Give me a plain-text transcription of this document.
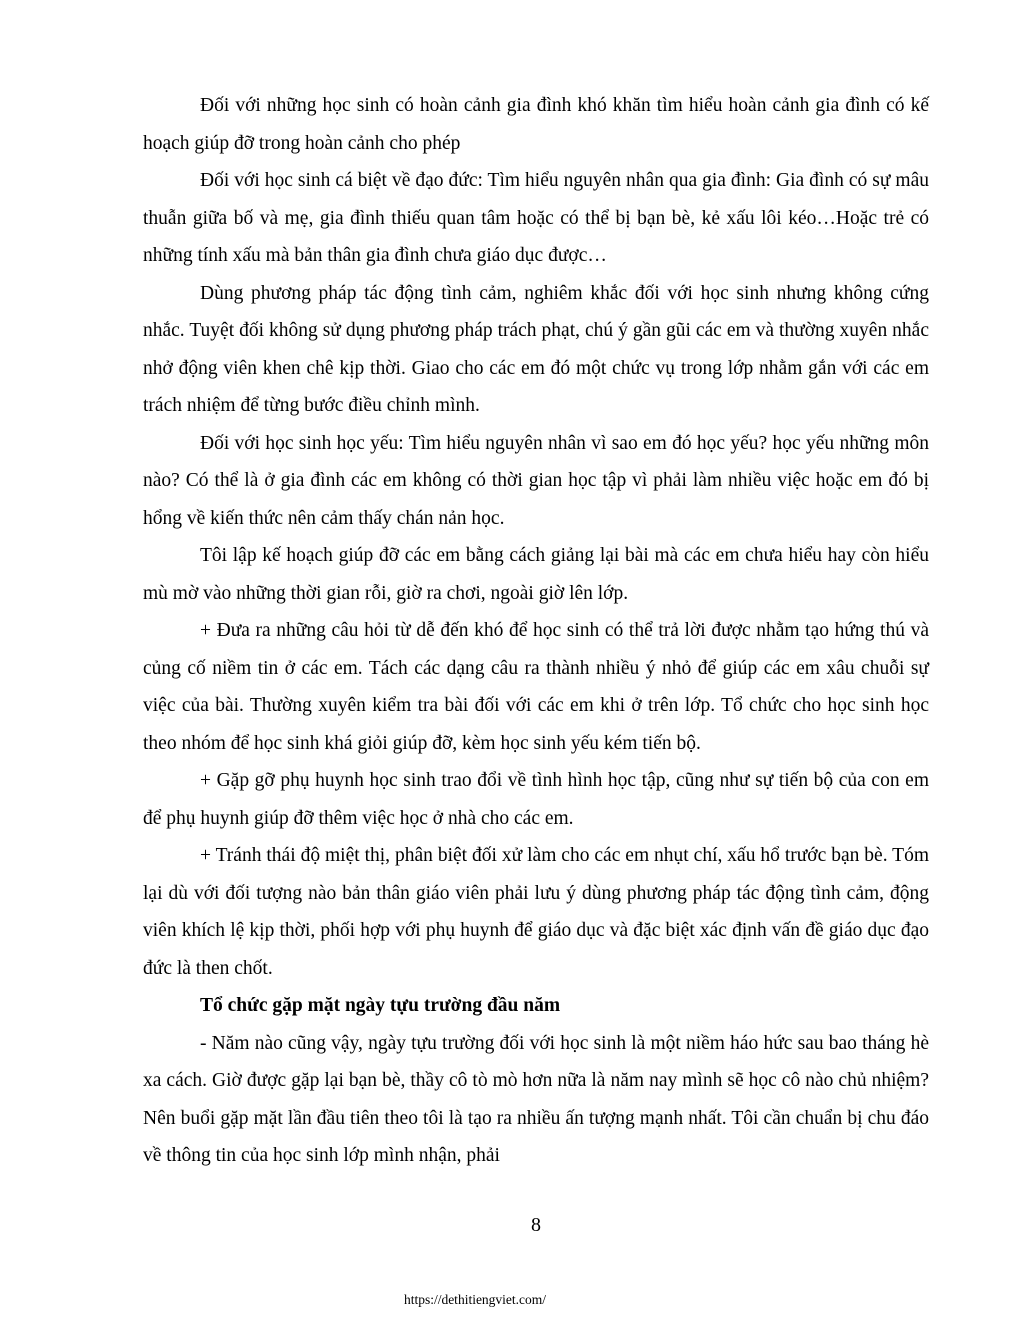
Đối với những học sinh có hoàn cảnh gia đình khó khăn tìm hiểu hoàn cảnh gia đình có kế hoạch giúp đỡ trong hoàn cảnh cho phép

Đối với học sinh cá biệt về đạo đức: Tìm hiểu nguyên nhân qua gia đình: Gia đình có sự mâu thuẫn giữa bố và mẹ, gia đình thiếu quan tâm hoặc có thể bị bạn bè, kẻ xấu lôi kéo…Hoặc trẻ có những tính xấu mà bản thân gia đình chưa giáo dục được…

Dùng phương pháp tác động tình cảm, nghiêm khắc đối với học sinh nhưng không cứng nhắc. Tuyệt đối không sử dụng phương pháp trách phạt, chú ý gần gũi các em và thường xuyên nhắc nhở động viên khen chê kịp thời. Giao cho các em đó một chức vụ trong lớp nhằm gắn với các em trách nhiệm để từng bước điều chỉnh mình.

Đối với học sinh học yếu: Tìm hiểu nguyên nhân vì sao em đó học yếu? học yếu những môn nào? Có thể là ở gia đình các em không có thời gian học tập vì phải làm nhiều việc hoặc em đó bị hổng về kiến thức nên cảm thấy chán nản học.

Tôi lập kế hoạch giúp đỡ các em bằng cách giảng lại bài mà các em chưa hiểu hay còn hiểu mù mờ vào những thời gian rỗi, giờ ra chơi, ngoài giờ lên lớp.

+ Đưa ra những câu hỏi từ dễ đến khó để học sinh có thể trả lời được nhằm tạo hứng thú và củng cố niềm tin ở các em. Tách các dạng câu ra thành nhiều ý nhỏ để giúp các em xâu chuỗi sự việc của bài. Thường xuyên kiểm tra bài đối với các em khi ở trên lớp. Tổ chức cho học sinh học theo nhóm để học sinh khá giỏi giúp đỡ, kèm học sinh yếu kém tiến bộ.

+ Gặp gỡ phụ huynh học sinh trao đổi về tình hình học tập, cũng như sự tiến bộ của con em để phụ huynh giúp đỡ thêm việc học ở nhà cho các em.

+ Tránh thái độ miệt thị, phân biệt đối xử làm cho các em nhụt chí, xấu hổ trước bạn bè. Tóm lại dù với đối tượng nào bản thân giáo viên phải lưu ý dùng phương pháp tác động tình cảm, động viên khích lệ kịp thời, phối hợp với phụ huynh để giáo dục và đặc biệt xác định vấn đề giáo dục đạo đức là then chốt.

Tổ chức gặp mặt ngày tựu trường đầu năm

- Năm nào cũng vậy, ngày tựu trường đối với học sinh là một niềm háo hức sau bao tháng hè xa cách. Giờ được gặp lại bạn bè, thầy cô tò mò hơn nữa là năm nay mình sẽ học cô nào chủ nhiệm? Nên buổi gặp mặt lần đầu tiên theo tôi là tạo ra nhiều ấn tượng mạnh nhất. Tôi cần chuẩn bị chu đáo về thông tin của học sinh lớp mình nhận, phải

8
https://dethitiengviet.com/
